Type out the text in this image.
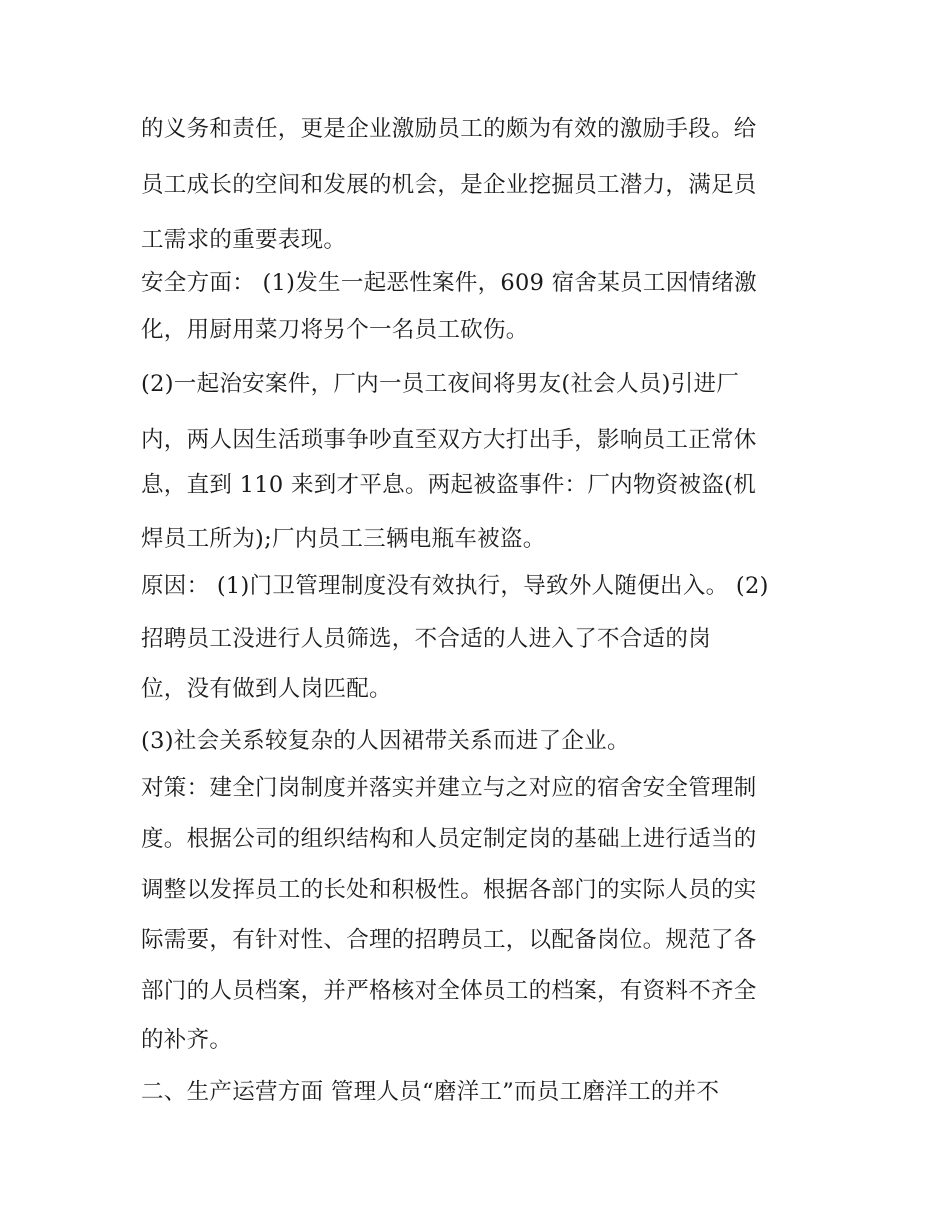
的义务和责任，更是企业激励员工的颇为有效的激励手段。给
员工成长的空间和发展的机会，是企业挖掘员工潜力，满足员
工需求的重要表现。
安全方面： (1)发生一起恶性案件，609 宿舍某员工因情绪激
化，用厨用菜刀将另个一名员工砍伤。
(2)一起治安案件，厂内一员工夜间将男友(社会人员)引进厂
内，两人因生活琐事争吵直至双方大打出手，影响员工正常休
息，直到 110 来到才平息。两起被盗事件：厂内物资被盗(机
焊员工所为);厂内员工三辆电瓶车被盗。
原因： (1)门卫管理制度没有效执行，导致外人随便出入。 (2)
招聘员工没进行人员筛选，不合适的人进入了不合适的岗
位，没有做到人岗匹配。
(3)社会关系较复杂的人因裙带关系而进了企业。
对策：建全门岗制度并落实并建立与之对应的宿舍安全管理制
度。根据公司的组织结构和人员定制定岗的基础上进行适当的
调整以发挥员工的长处和积极性。根据各部门的实际人员的实
际需要，有针对性、合理的招聘员工，以配备岗位。规范了各
部门的人员档案，并严格核对全体员工的档案，有资料不齐全
的补齐。
二、生产运营方面 管理人员“磨洋工”而员工磨洋工的并不
